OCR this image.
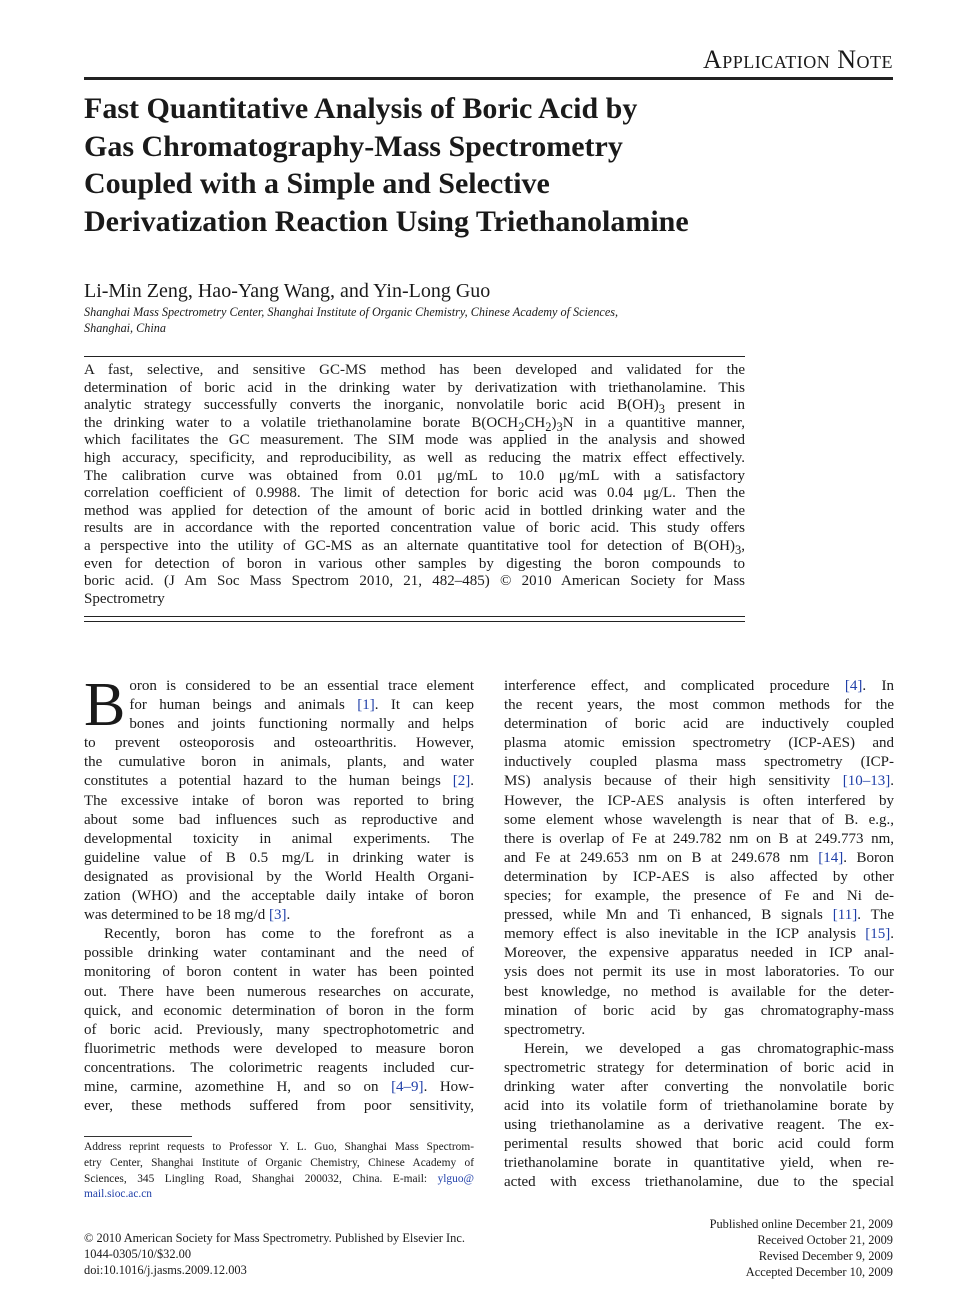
Application Note
Fast Quantitative Analysis of Boric Acid by
Gas Chromatography-Mass Spectrometry
Coupled with a Simple and Selective
Derivatization Reaction Using Triethanolamine
Li-Min Zeng, Hao-Yang Wang, and Yin-Long Guo
Shanghai Mass Spectrometry Center, Shanghai Institute of Organic Chemistry, Chinese Academy of Sciences,
Shanghai, China
A fast, selective, and sensitive GC-MS method has been developed and validated for the
determination of boric acid in the drinking water by derivatization with triethanolamine. This
analytic strategy successfully converts the inorganic, nonvolatile boric acid $B(OH)_3$ present in
the drinking water to a volatile triethanolamine borate $B(OCH_2CH_2)_3N$ in a quantitive manner,
which facilitates the GC measurement. The SIM mode was applied in the analysis and showed
high accuracy, specificity, and reproducibility, as well as reducing the matrix effect effectively.
The calibration curve was obtained from 0.01 μg/mL to 10.0 μg/mL with a satisfactory
correlation coefficient of 0.9988. The limit of detection for boric acid was 0.04 μg/L. Then the
method was applied for detection of the amount of boric acid in bottled drinking water and the
results are in accordance with the reported concentration value of boric acid. This study offers
a perspective into the utility of GC-MS as an alternate quantitative tool for detection of $B(OH)_3$,
even for detection of boron in various other samples by digesting the boron compounds to
boric acid. (J Am Soc Mass Spectrom 2010, 21, 482–485) © 2010 American Society for Mass
Spectrometry
B oron is considered to be an essential trace element
for human beings and animals [1]. It can keep
bones and joints functioning normally and helps
to prevent osteoporosis and osteoarthritis. However,
the cumulative boron in animals, plants, and water
constitutes a potential hazard to the human beings [2].
The excessive intake of boron was reported to bring
about some bad influences such as reproductive and
developmental toxicity in animal experiments. The
guideline value of B 0.5 mg/L in drinking water is
designated as provisional by the World Health Organi-
zation (WHO) and the acceptable daily intake of boron
was determined to be 18 mg/d [3].
Recently, boron has come to the forefront as a
possible drinking water contaminant and the need of
monitoring of boron content in water has been pointed
out. There have been numerous researches on accurate,
quick, and economic determination of boron in the form
of boric acid. Previously, many spectrophotometric and
fluorimetric methods were developed to measure boron
concentrations. The colorimetric reagents included cur-
mine, carmine, azomethine H, and so on [4–9]. How-
ever, these methods suffered from poor sensitivity,
interference effect, and complicated procedure [4]. In
the recent years, the most common methods for the
determination of boric acid are inductively coupled
plasma atomic emission spectrometry (ICP-AES) and
inductively coupled plasma mass spectrometry (ICP-
MS) analysis because of their high sensitivity [10–13].
However, the ICP-AES analysis is often interfered by
some element whose wavelength is near that of B. e.g.,
there is overlap of Fe at 249.782 nm on B at 249.773 nm,
and Fe at 249.653 nm on B at 249.678 nm [14]. Boron
determination by ICP-AES is also affected by other
species; for example, the presence of Fe and Ni de-
pressed, while Mn and Ti enhanced, B signals [11]. The
memory effect is also inevitable in the ICP analysis [15].
Moreover, the expensive apparatus needed in ICP anal-
ysis does not permit its use in most laboratories. To our
best knowledge, no method is available for the deter-
mination of boric acid by gas chromatography-mass
spectrometry.
Herein, we developed a gas chromatographic-mass
spectrometric strategy for determination of boric acid in
drinking water after converting the nonvolatile boric
acid into its volatile form of triethanolamine borate by
using triethanolamine as a derivative reagent. The ex-
perimental results showed that boric acid could form
triethanolamine borate in quantitative yield, when re-
acted with excess triethanolamine, due to the special
Address reprint requests to Professor Y. L. Guo, Shanghai Mass Spectrom-
etry Center, Shanghai Institute of Organic Chemistry, Chinese Academy of
Sciences, 345 Lingling Road, Shanghai 200032, China. E-mail: ylguo@
mail.sioc.ac.cn
© 2010 American Society for Mass Spectrometry. Published by Elsevier Inc.
1044-0305/10/$32.00
doi:10.1016/j.jasms.2009.12.003
Published online December 21, 2009
Received October 21, 2009
Revised December 9, 2009
Accepted December 10, 2009
